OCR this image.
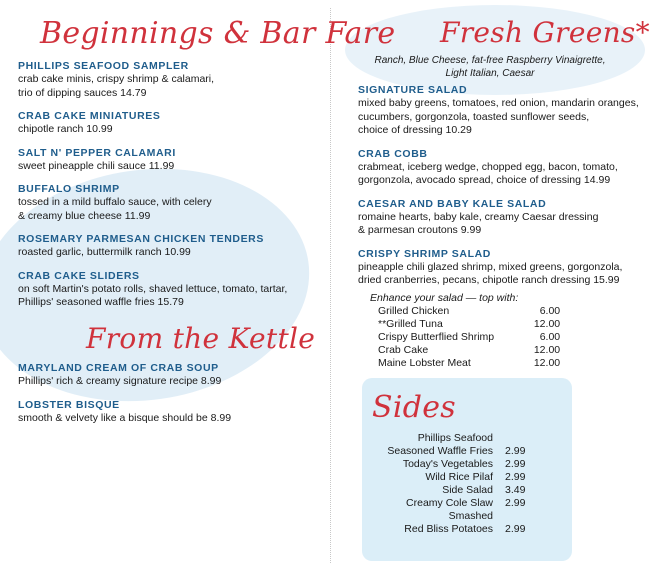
Beginnings & Bar Fare
PHILLIPS SEAFOOD SAMPLER
crab cake minis, crispy shrimp & calamari,
trio of dipping sauces 14.79
CRAB CAKE MINIATURES
chipotle ranch 10.99
SALT N' PEPPER CALAMARI
sweet pineapple chili sauce 11.99
BUFFALO SHRIMP
tossed in a mild buffalo sauce, with celery
& creamy blue cheese 11.99
ROSEMARY PARMESAN CHICKEN TENDERS
roasted garlic, buttermilk ranch 10.99
CRAB CAKE SLIDERS
on soft Martin's potato rolls, shaved lettuce, tomato, tartar,
Phillips' seasoned waffle fries 15.79
From the Kettle
MARYLAND CREAM OF CRAB SOUP
Phillips' rich & creamy signature recipe 8.99
LOBSTER BISQUE
smooth & velvety like a bisque should be 8.99
Fresh Greens*
Ranch, Blue Cheese, fat-free Raspberry Vinaigrette,
Light Italian, Caesar
SIGNATURE SALAD
mixed baby greens, tomatoes, red onion, mandarin oranges,
cucumbers, gorgonzola, toasted sunflower seeds,
choice of dressing 10.29
CRAB COBB
crabmeat, iceberg wedge, chopped egg, bacon, tomato,
gorgonzola, avocado spread, choice of dressing 14.99
CAESAR AND BABY KALE SALAD
romaine hearts, baby kale, creamy Caesar dressing
& parmesan croutons 9.99
CRISPY SHRIMP SALAD
pineapple chili glazed shrimp, mixed greens, gorgonzola,
dried cranberries, pecans, chipotle ranch dressing 15.99
Enhance your salad — top with:
Grilled Chicken	6.00
**Grilled Tuna	12.00
Crispy Butterflied Shrimp	6.00
Crab Cake	12.00
Maine Lobster Meat	12.00
Sides
Phillips Seafood	
Seasoned Waffle Fries	2.99
Today's Vegetables	2.99
Wild Rice Pilaf	2.99
Side Salad	3.49
Creamy Cole Slaw	2.99
Smashed	
Red Bliss Potatoes	2.99
